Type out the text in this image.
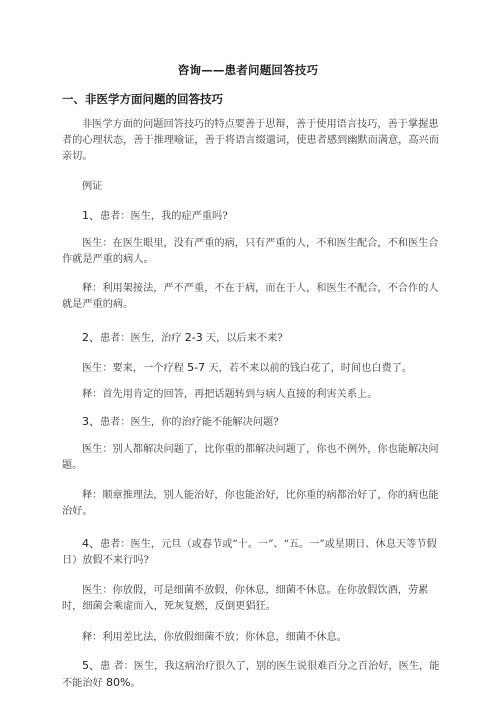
咨询——患者问题回答技巧
一、非医学方面问题的回答技巧
非医学方面的问题回答技巧的特点要善于思辩，善于使用语言技巧，善于掌握患 者的心理状态，善于推理喻证，善于将语言缀遣词，使患者感到幽默而满意，高兴而亲切。
例证
1、患者：医生，我的症严重吗?
医生：在医生眼里，没有严重的病，只有严重的人，不和医生配合，不和医生合作就是严重的病人。
释：利用架接法，严不严重，不在于病，而在于人，和医生不配合，不合作的人就是严重的病。
2、患者：医生，治疗 2-3 天，以后来不来?
医生：要来，一个疗程 5-7 天，若不来以前的钱白花了，时间也白费了。
释：首先用肯定的回答，再把话题转到与病人直接的利害关系上。
3、患者：医生，你的治疗能不能解决问题?
医生：别人都解决问题了，比你重的都解决问题了，你也不例外，你也能解决问题。
释：顺章推理法，别人能治好，你也能治好，比你重的病都治好了，你的病也能治好。
4、患者：医生，元旦（或春节或“十。一”、“五。一”或星期日、休息天等节假日）放假不来行吗?
医生：你放假，可是细菌不放假，你休息，细菌不休息。在你放假饮酒，劳累时，细菌会乘虚而入，死灰复燃，反倒更猖狂。
释：利用差比法，你放假细菌不放；你休息，细菌不休息。
5、患 者：医生，我这病治疗很久了，别的医生说很难百分之百治好，医生，能不能治好 80%。
